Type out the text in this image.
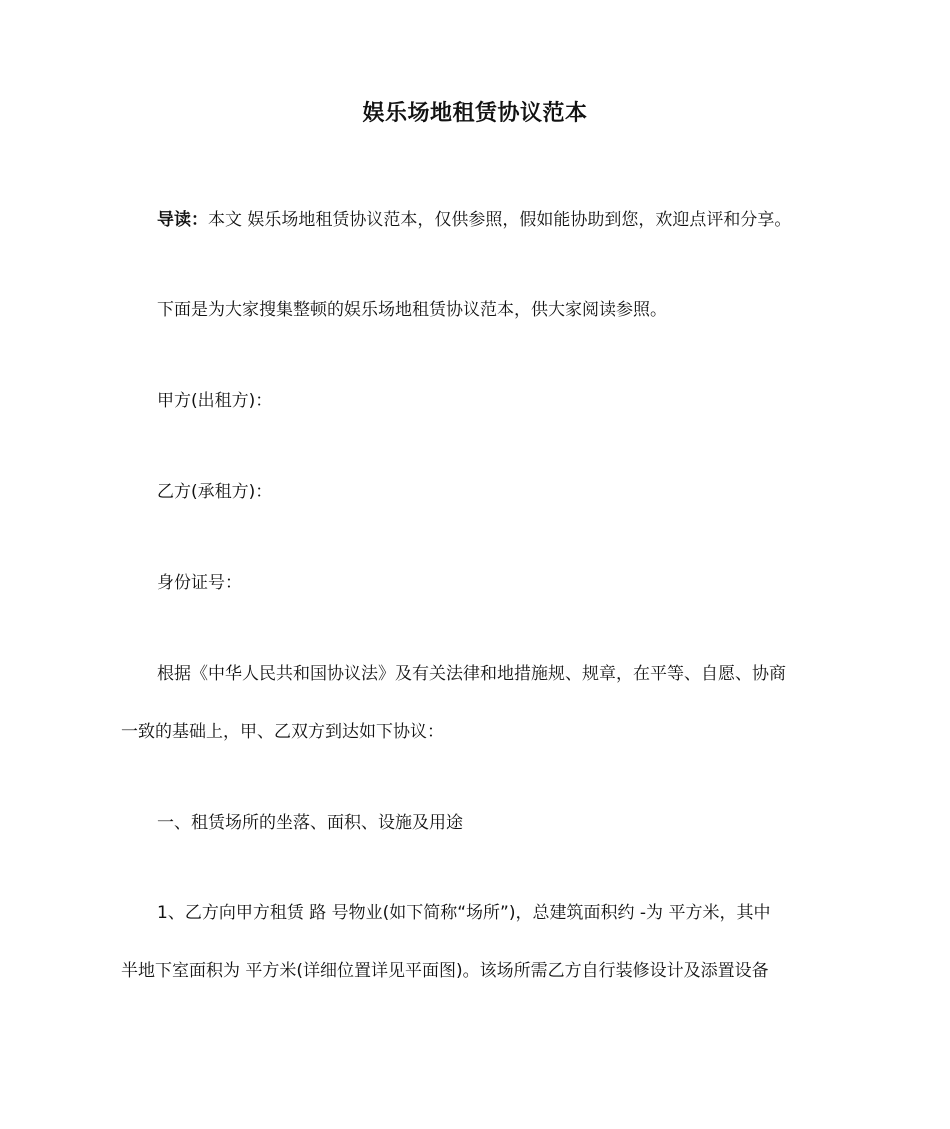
娱乐场地租赁协议范本
导读：本文 娱乐场地租赁协议范本，仅供参照，假如能协助到您，欢迎点评和分享。
下面是为大家搜集整顿的娱乐场地租赁协议范本，供大家阅读参照。
甲方(出租方)：
乙方(承租方)：
身份证号：
根据《中华人民共和国协议法》及有关法律和地措施规、规章，在平等、自愿、协商
一致的基础上，甲、乙双方到达如下协议：
一、租赁场所的坐落、面积、设施及用途
1、乙方向甲方租赁 路 号物业(如下简称“场所”)，总建筑面积约 -为 平方米，其中
半地下室面积为 平方米(详细位置详见平面图)。该场所需乙方自行装修设计及添置设备
